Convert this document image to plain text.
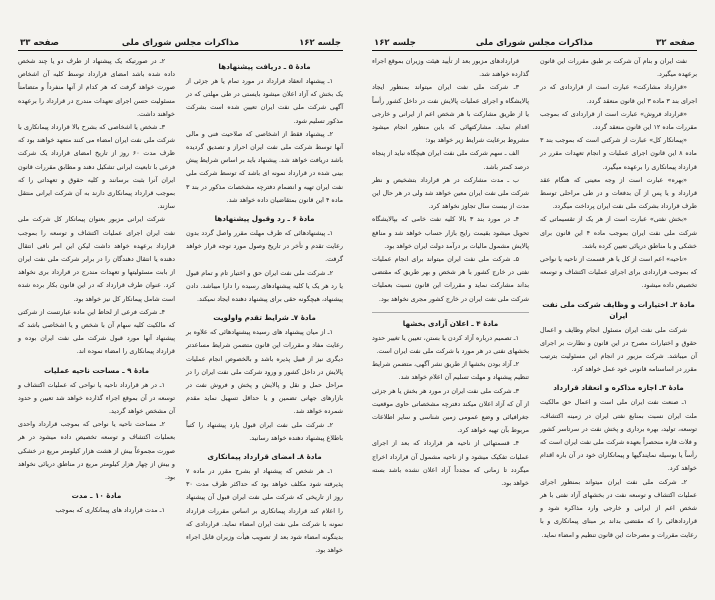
جلسه ۱۶۲
مذاکرات مجلس شورای ملی
صفحه ۳۳
مادهٔ ۵ ـ دریافت پیشنهادها

۱ـ پیشنهاد انعقاد قرارداد در مورد تمام یا هر جزئی از یک بخش که آزاد اعلان میشود بایستی در طی مهلتی که در آگهی شرکت ملی نفت ایران تعیین شده است بشرکت مذکور تسلیم شود.

۲ـ پیشنهاد فقط از اشخاصی که صلاحیت فنی و مالی آنها توسط شرکت ملی نفت ایران احراز و تصدیق گردیده باشد دریافت خواهد شد. پیشنهاد باید بر اساس شرایط پیش بینی شده در قرارداد نمونه ای باشد که توسط شرکت ملی نفت ایران تهیه و انضمام دفترچه مشخصات مذکور در بند ۳ ماده ۴ این قانون بمتقاضیان داده خواهد شد.

مادهٔ ۶ ـ رد وقبول پیشنهادها

۱ـ پیشنهادهائی که ظرف مهلت مقرر واصل گردد بدون رعایت تقدم و تأخر در تاریخ وصول مورد توجه قرار خواهد گرفت.

۲ـ شرکت ملی نفت ایران حق و اختیار تام و تمام قبول یا رد هر یک یا کلیه پیشنهادهای رسیده را دارا میباشد. دادن پیشنهاد، هیچگونه حقی برای پیشنهاد دهنده ایجاد نمیکند.

مادهٔ ۷ـ شرایط تقدم واولویت

۱ـ از میان پیشنهاد های رسیده پیشنهادهائی که علاوه بر رعایت مفاد و مقررات این قانون متضمن شرایط مساعدتر دیگری نیز از قبیل پذیره باشد و بالخصوص انجام عملیات پالایش در داخل کشور و ورود شرکت ملی نفت ایران را در مراحل حمل و نقل و پالایش و پخش و فروش نفت در بازارهای جهانی تضمین و یا حداقل تسهیل نماید مقدم شمرده خواهد شد.

۲ـ شرکت ملی نفت ایران قبول یارد پیشنهاد را کتباً باطلاع پیشنهاد دهنده خواهد رسانید.

مادهٔ ۸ـ امضای قرارداد پیمانکاری

۱ـ هر شخص که پیشنهاد او بشرح مقرر در ماده ۷ پذیرفته شود مکلف خواهد بود که حداکثر ظرف مدت ۳۰ روز از تاریخی که شرکت ملی نفت ایران قبول آن پیشنهاد را اعلام کند قرارداد پیمانکاری بر اساس مقررات قرارداد نمونه با شرکت ملی نفت ایران امضاء نماید. قراردادی که بدینگونه امضاء شود بعد از تصویب هیأت وزیران قابل اجراء خواهد بود.

۲ـ در صورتیکه یک پیشنهاد از طرف دو یا چند شخص داده شده باشد امضای قرارداد توسط کلیه آن اشخاص صورت خواهد گرفت که هر کدام از آنها منفرداً و متضامناً مسئولیت حسن اجرای تعهدات مندرج در قرارداد را برعهده خواهند داشت.

۳ـ شخص یا اشخاصی که بشرح بالا قرارداد پیمانکاری با شرکت ملی نفت ایران امضاء می کنند متعهد خواهند بود که ظرف مدت ۶۰ روز از تاریخ امضای قرارداد یک شرکت فرعی با تابعیت ایرانی تشکیل دهند و مطابق مقررات قانون ایران آنرا بثبت برسانند و کلیه حقوق و تعهداتی را که بموجب قرارداد پیمانکاری دارند به آن شرکت ایرانی منتقل سازند.

شرکت ایرانی مزبور بعنوان پیمانکار کل شرکت ملی نفت ایران اجرای عملیات اکتشاف و توسعه را بموجب قرارداد برعهده خواهد داشت لیکن این امر نافی انتقال دهنده یا انتقال دهندگان را در برابر شرکت ملی نفت ایران از بابت مسئولیتها و تعهدات مندرج در قرارداد بری نخواهد کرد. عنوان طرف قرارداد که در این قانون بکار برده شده است شامل پیمانکار کل نیز خواهد بود.

۴ـ شرکت فرعی از لحاظ این ماده عبارتست از شرکتی که مالکیت کلیه سهام آن با شخص و یا اشخاصی باشد که پیشنهاد آنها مورد قبول شرکت ملی نفت ایران بوده و قرارداد پیمانکاری را امضاء نموده اند.

مادهٔ ۹ ـ مساحت ناحیه عملیات

۱ـ در هر قرارداد ناحیه یا نواحی که عملیات اکتشاف و توسعه در آن بموقع اجراء گذارده خواهد شد تعیین و حدود آن مشخص خواهد گردید.

۲ـ مساحت ناحیه یا نواحی که بموجب قرارداد واحدی بعملیات اکتشاف و توسعه تخصیص داده میشود در هر صورت مجموعاً بیش از هشت هزار کیلومتر مربع در خشکی و بیش از چهار هزار کیلومتر مربع در مناطق دریائی نخواهد بود.

مادهٔ ۱۰ ـ مدت

۱ـ مدت قرارداد های پیمانکاری که بموجب

صفحه ۳۲
مذاکرات مجلس شورای ملی
جلسه ۱۶۲

نفت ایران و بنام آن شرکت بر طبق مقررات این قانون برعهده میگیرد.

«قرارداد مشارکت» عبارت است از قراردادی که در اجرای بند ۳ ماده ۳ این قانون منعقد گردد.

«قرارداد فروش» عبارت است از قراردادی که بموجب مقررات ماده ۱۲ این قانون منعقد گردد.

«پیمانکار کل» عبارت از شرکتی است که بموجب بند ۳ ماده ۸ این قانون اجرای عملیات و انجام تعهدات مقرر در قرارداد پیمانکاری را برعهده میگیرد.

«بهره» عبارت است از وجه معینی که هنگام عقد قرارداد و یا پس از آن بدفعات و در طی مراحلی توسط طرف قرارداد بشرکت ملی نفت ایران پرداخت میگردد.

«بخش نفتی» عبارت است از هر یک از تقسیماتی که شرکت ملی نفت ایران بموجب ماده ۴ این قانون برای خشکی و یا مناطق دریائی تعیین کرده باشد.

«ناحیه» اعم است از کل یا هر قسمت از ناحیه یا نواحی که بموجب قراردادی برای اجرای عملیات اکتشاف و توسعه تخصیص داده میشود.

مادهٔ ۲ـ اختیارات و وظایف شرکت ملی نفت ایران

شرکت ملی نفت ایران مسئول انجام وظایف و اعمال حقوق و اختیارات مصرح در این قانون و نظارت بر اجرای آن میباشد. شرکت مزبور در انجام این مسئولیت بترتیب مقرر در اساسنامه قانونی خود عمل خواهد کرد.

مادهٔ ۳ـ اجازه مذاکره و انعقاد قرارداد

۱ـ صنعت نفت ایران ملی است و اعمال حق مالکیت ملت ایران نسبت بمنابع نفتی ایران در زمینه اکتشاف، توسعه، تولید، بهره برداری و پخش نفت در سرتاسر کشور و فلات قاره منحصراً بعهده شرکت ملی نفت ایران است که رأساً یا بوسیله نمایندگیها و پیمانکاران خود در آن باره اقدام خواهد کرد.

۲ـ شرکت ملی نفت ایران میتواند بمنظور اجرای عملیات اکتشاف و توسعه نفت در بخشهای آزاد نفتی با هر شخص اعم از ایرانی و خارجی وارد مذاکره شود و قراردادهائی را که مقتضی بداند بر مبنای پیمانکاری و با رعایت مقررات و مصرحات این قانون تنظیم و امضاء نماید.

قراردادهای مزبور بعد از تأیید هیئت وزیران بموقع اجراء گذارده خواهند شد.

۳ـ شرکت ملی نفت ایران میتواند بمنظور ایجاد پالایشگاه و اجرای عملیات پالایش نفت در داخل کشور رأساً یا از طریق مشارکت با هر شخص اعم از ایرانی و خارجی اقدام نماید. مشارکتهائی که باین منظور انجام میشود مشروط برعایت شرایط زیر خواهد بود:

الف ـ سهم شرکت ملی نفت ایران هیچگاه نباید از پنجاه درصد کمتر باشد.

ب ـ مدت مشارکت در هر قرارداد بتشخیص و نظر شرکت ملی نفت ایران معین خواهد شد ولی در هر حال این مدت از بیست سال تجاوز نخواهد کرد.

۴ـ در مورد بند ۳ بالا کلیه نفت خامی که بپالایشگاه تحویل میشود بقیمت رایج بازار حساب خواهد شد و منافع پالایش مشمول مالیات بر درآمد دولت ایران خواهد بود.

۵ـ شرکت ملی نفت ایران میتواند برای انجام عملیات نفتی در خارج کشور با هر شخص و بهر طریق که مقتضی بداند مشارکت نماید و مقررات این قانون نسبت بعملیات شرکت ملی نفت ایران در خارج کشور مجری نخواهد بود.

مادهٔ ۴ ـ اعلان آزادی بخشها

۱ـ تصمیم درباره آزاد کردن یا بستن، تعیین یا تغییر حدود بخشهای نفتی در هر مورد با شرکت ملی نفت ایران است.

۲ـ آزاد بودن بخشها از طریق نشر آگهی، متضمن شرایط تنظیم پیشنهاد و مهلت تسلیم آن اعلام خواهد شد.

۳ـ شرکت ملی نفت ایران در مورد هر بخش یا هر جزئی از آن که آزاد اعلان میکند دفترچه مشخصاتی حاوی موقعیت جغرافیائی و وضع عمومی زمین شناسی و سایر اطلاعات مربوط بآن تهیه خواهد کرد.

۴ـ قسمتهائی از ناحیه هر قرارداد که بعد از اجرای عملیات تفکیک میشود و از ناحیه مشمول آن قرارداد اخراج میگردد تا زمانی که مجدداً آزاد اعلان نشده باشد بسته خواهد بود.
